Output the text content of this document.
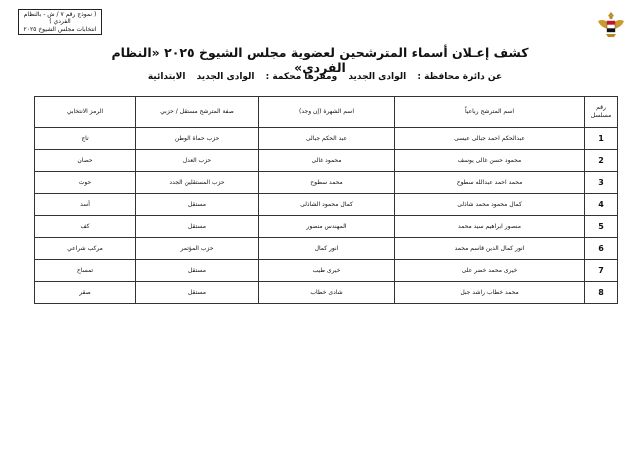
( نموذج رقم ٧ / ش - بالنظام الفردي )
انتخابات مجلس الشيوخ ٢٠٢٥
كشف إعـلان أسماء المترشحين لعضوية مجلس الشيوخ ٢٠٢٥ «النظام الفردي»
عن دائرة محافظة : الوادى الجديد ومقرها محكمة : الوادى الجديد الابتدائية
رقم مسلسل	اسم المترشح رباعياً	اسم الشهرة (إن وجد)	صفة المترشح مستقل / حزبي	الرمز الانتخابي
1	عبدالحكم احمد جبالى عيسى	عبد الحكم جبالى	حزب حماة الوطن	تاج
2	محمود حسن غالى يوسف	محمود غالى	حزب العدل	حصان
3	محمد احمد عبدالله سطوح	محمد سطوح	حزب المستقلين الجدد	حوت
4	كمال محمود محمد شاذلى	كمال محمود الشاذلى	مستقل	أسد
5	منصور ابراهيم سيد محمد	المهندس منصور	مستقل	كف
6	انور كمال الدين قاسم محمد	انور كمال	حزب المؤتمر	مركب شراعي
7	خيرى محمد خضر على	خيرى طيب	مستقل	تمساح
8	محمد خطاب راشد جبل	شادى خطاب	مستقل	صقر
